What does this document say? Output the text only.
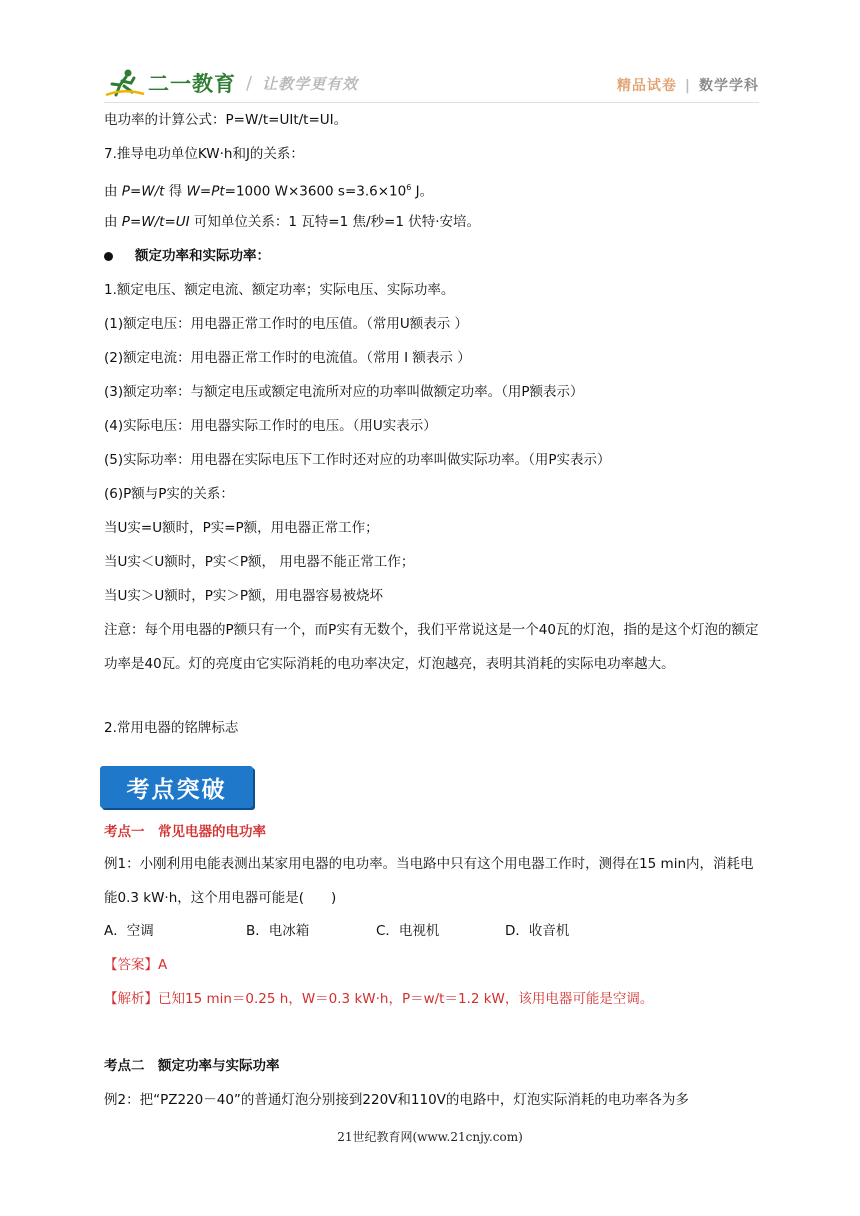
二一教育 / 让教学更有效	精品试卷 | 数学学科
电功率的计算公式：P=W/t=UIt/t=UI。
7.推导电功单位KW·h和J的关系：
由 P=W/t 得 W=Pt=1000 W×3600 $s=3.6\times 10^6$ J。
由 P=W/t=UI 可知单位关系：1 瓦特=1 焦/秒=1 伏特·安培。
额定功率和实际功率：
1.额定电压、额定电流、额定功率；实际电压、实际功率。
(1)额定电压：用电器正常工作时的电压值。（常用U额表示 ）
(2)额定电流：用电器正常工作时的电流值。（常用 I 额表示 ）
(3)额定功率：与额定电压或额定电流所对应的功率叫做额定功率。（用P额表示）
(4)实际电压：用电器实际工作时的电压。（用U实表示）
(5)实际功率：用电器在实际电压下工作时还对应的功率叫做实际功率。（用P实表示）
(6)P额与P实的关系：
当U实=U额时，P实=P额，用电器正常工作；
当U实＜U额时，P实＜P额， 用电器不能正常工作；
当U实＞U额时，P实＞P额，用电器容易被烧坏
注意：每个用电器的P额只有一个，而P实有无数个，我们平常说这是一个40瓦的灯泡，指的是这个灯泡的额定功率是40瓦。灯的亮度由它实际消耗的电功率决定，灯泡越亮，表明其消耗的实际电功率越大。
2.常用电器的铭牌标志
考点突破
考点一　常见电器的电功率
例1：小刚利用电能表测出某家用电器的电功率。当电路中只有这个用电器工作时，测得在15 min内，消耗电能0.3 kW·h，这个用电器可能是(　　)
A．空调	B．电冰箱	C．电视机	D．收音机
【答案】A
【解析】已知15 min＝0.25 h，W＝0.3 kW·h，P＝w/t＝1.2 kW，该用电器可能是空调。
考点二　额定功率与实际功率
例2：把“PZ220－40”的普通灯泡分别接到220V和110V的电路中，灯泡实际消耗的电功率各为多
21世纪教育网(www.21cnjy.com)
